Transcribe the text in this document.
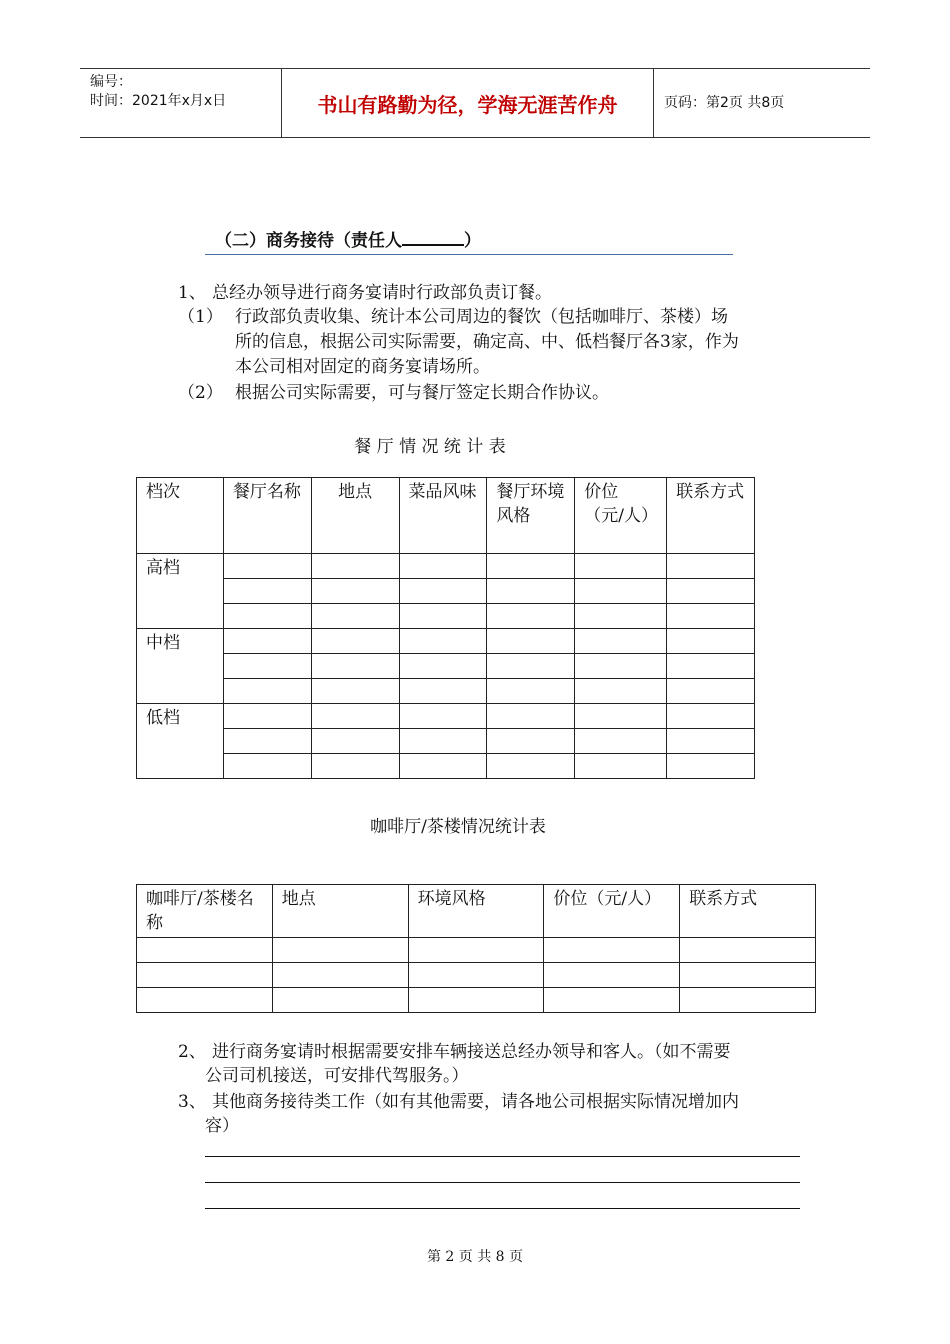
编号：
时间：2021年x月x日	书山有路勤为径，学海无涯苦作舟	页码：第2页 共8页
（二）商务接待（责任人	）
1、 总经办领导进行商务宴请时行政部负责订餐。
（1） 行政部负责收集、统计本公司周边的餐饮（包括咖啡厅、茶楼）场
所的信息，根据公司实际需要，确定高、中、低档餐厅各3家，作为
本公司相对固定的商务宴请场所。
（2） 根据公司实际需要，可与餐厅签定长期合作协议。
餐 厅 情 况 统 计 表
档次	餐厅名称	地点	菜品风味	餐厅环境风格	价位（元/人）	联系方式
高档						

中档						

低档						

咖啡厅/茶楼情况统计表
咖啡厅/茶楼名称	地点	环境风格	价位（元/人）	联系方式

2、 进行商务宴请时根据需要安排车辆接送总经办领导和客人。（如不需要
公司司机接送，可安排代驾服务。）
3、 其他商务接待类工作（如有其他需要，请各地公司根据实际情况增加内
容）
第 2 页 共 8 页
